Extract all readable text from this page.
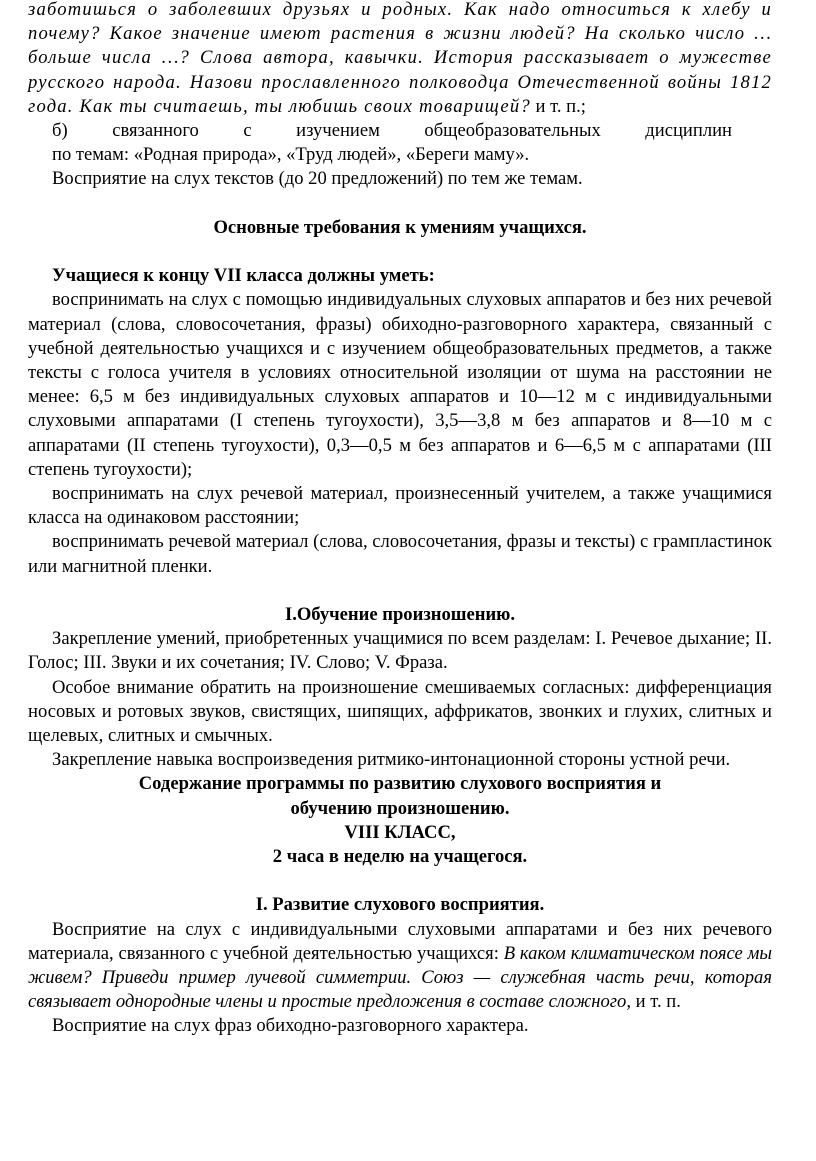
заботишься о заболевших друзьях и родных. Как надо относиться к хлебу и почему? Какое значение имеют растения в жизни людей? На сколько число … больше числа …? Слова автора, кавычки. История рассказывает о мужестве русского народа. Назови прославленного полководца Отечественной войны 1812 года. Как ты считаешь, ты любишь своих товарищей? и т. п.;

б) связанного с изучением общеобразовательных дисциплин

по темам: «Родная природа», «Труд людей», «Береги маму».

Восприятие на слух текстов (до 20 предложений) по тем же темам.

Основные требования к умениям учащихся.

Учащиеся к концу VII класса должны уметь:

воспринимать на слух с помощью индивидуальных слуховых аппаратов и без них речевой материал (слова, словосочетания, фразы) обиходно-разговорного характера, связанный с учебной деятельностью учащихся и с изучением общеобразовательных предметов, а также тексты с голоса учителя в условиях относительной изоляции от шума на расстоянии не менее: 6,5 м без индивидуальных слуховых аппаратов и 10—12 м с индивидуальными слуховыми аппаратами (I степень тугоухости), 3,5—3,8 м без аппаратов и 8—10 м с аппаратами (II степень тугоухости), 0,3—0,5 м без аппаратов и 6—6,5 м с аппаратами (III степень тугоухости);

воспринимать на слух речевой материал, произнесенный учителем, а также учащимися класса на одинаковом расстоянии;

воспринимать речевой материал (слова, словосочетания, фразы и тексты) с грампластинок или магнитной пленки.

I.Обучение произношению.

Закрепление умений, приобретенных учащимися по всем разделам: I. Речевое дыхание; II. Голос; III. Звуки и их сочетания; IV. Слово; V. Фраза.

Особое внимание обратить на произношение смешиваемых согласных: дифференциация носовых и ротовых звуков, свистящих, шипящих, аффрикатов, звонких и глухих, слитных и щелевых, слитных и смычных.

Закрепление навыка воспроизведения ритмико-интонационной стороны устной речи.

Содержание программы по развитию слухового восприятия и

обучению произношению.

VIII КЛАСС,

2 часа в неделю на учащегося.

I. Развитие слухового восприятия.

Восприятие на слух с индивидуальными слуховыми аппаратами и без них речевого материала, связанного с учебной деятельностью учащихся: В каком климатическом поясе мы живем? Приведи пример лучевой симметрии. Союз — служебная часть речи, которая связывает однородные члены и простые предложения в составе сложного, и т. п.

Восприятие на слух фраз обиходно-разговорного характера.
